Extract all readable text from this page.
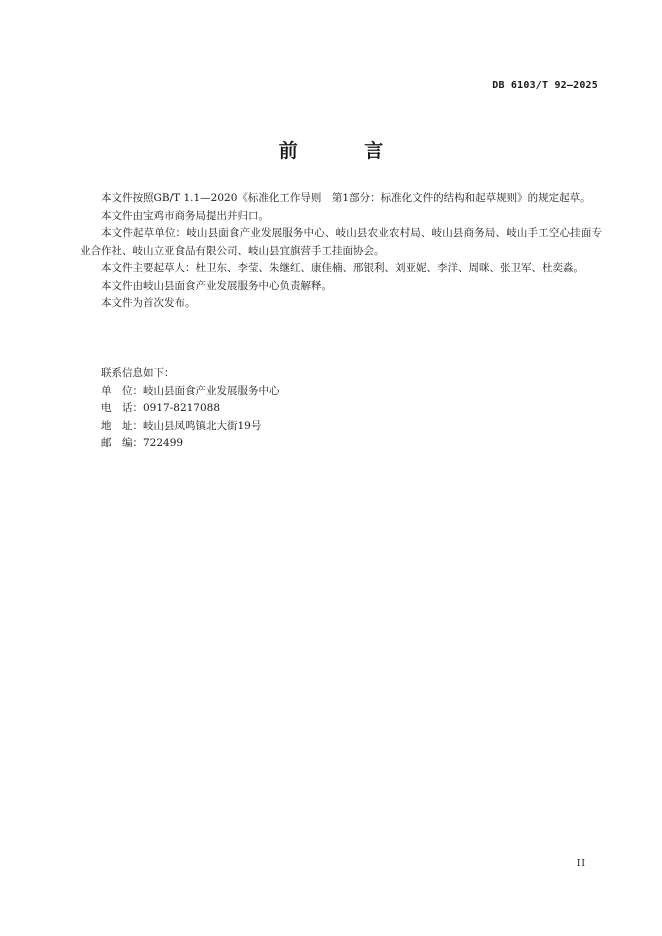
DB 6103/T 92—2025
前 言

本文件按照GB/T 1.1—2020《标准化工作导则　第1部分：标准化文件的结构和起草规则》的规定起草。

本文件由宝鸡市商务局提出并归口。

本文件起草单位：岐山县面食产业发展服务中心、岐山县农业农村局、岐山县商务局、岐山手工空心挂面专业合作社、岐山立亚食品有限公司、岐山县宜旗营手工挂面协会。

本文件主要起草人：杜卫东、李莹、朱继红、康佳楠、邢银利、刘亚妮、李洋、周咪、张卫军、杜奕淼。

本文件由岐山县面食产业发展服务中心负责解释。

本文件为首次发布。

联系信息如下：

单　位：岐山县面食产业发展服务中心

电　话：0917-8217088

地　址：岐山县凤鸣镇北大街19号

邮　编：722499

II
